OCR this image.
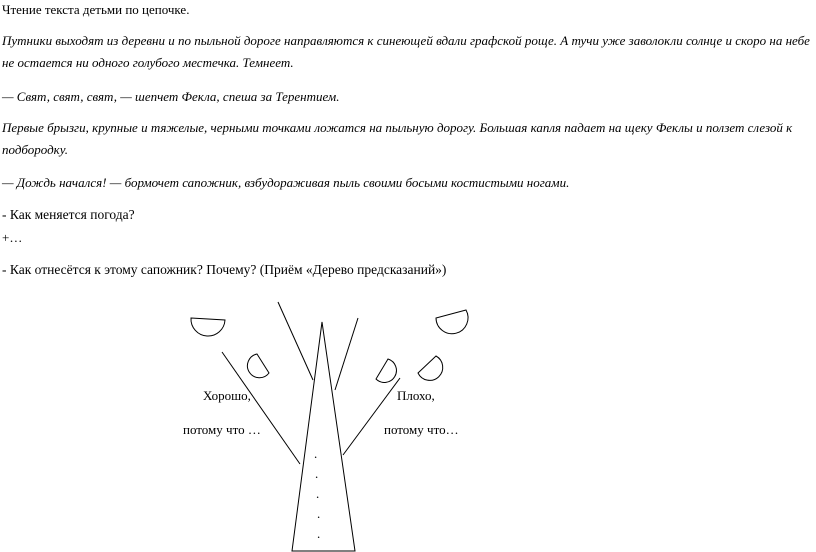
Чтение текста детьми по цепочке.
Путники выходят из деревни и по пыльной дороге направляются к синеющей вдали графской роще. А тучи уже заволокли солнце и скоро на небе не остается ни одного голубого местечка. Темнеет.
— Свят, свят, свят, — шепчет Фекла, спеша за Терентием.
Первые брызги, крупные и тяжелые, черными точками ложатся на пыльную дорогу. Большая капля падает на щеку Феклы и ползет слезой к подбородку.
— Дождь начался! — бормочет сапожник, взбудораживая пыль своими босыми костистыми ногами.
- Как меняется погода?
+…
- Как отнесётся к этому сапожник? Почему? (Приём «Дерево предсказаний»)
Хорошо,
потому что …
Плохо,
потому что…
.
.
.
.
.
